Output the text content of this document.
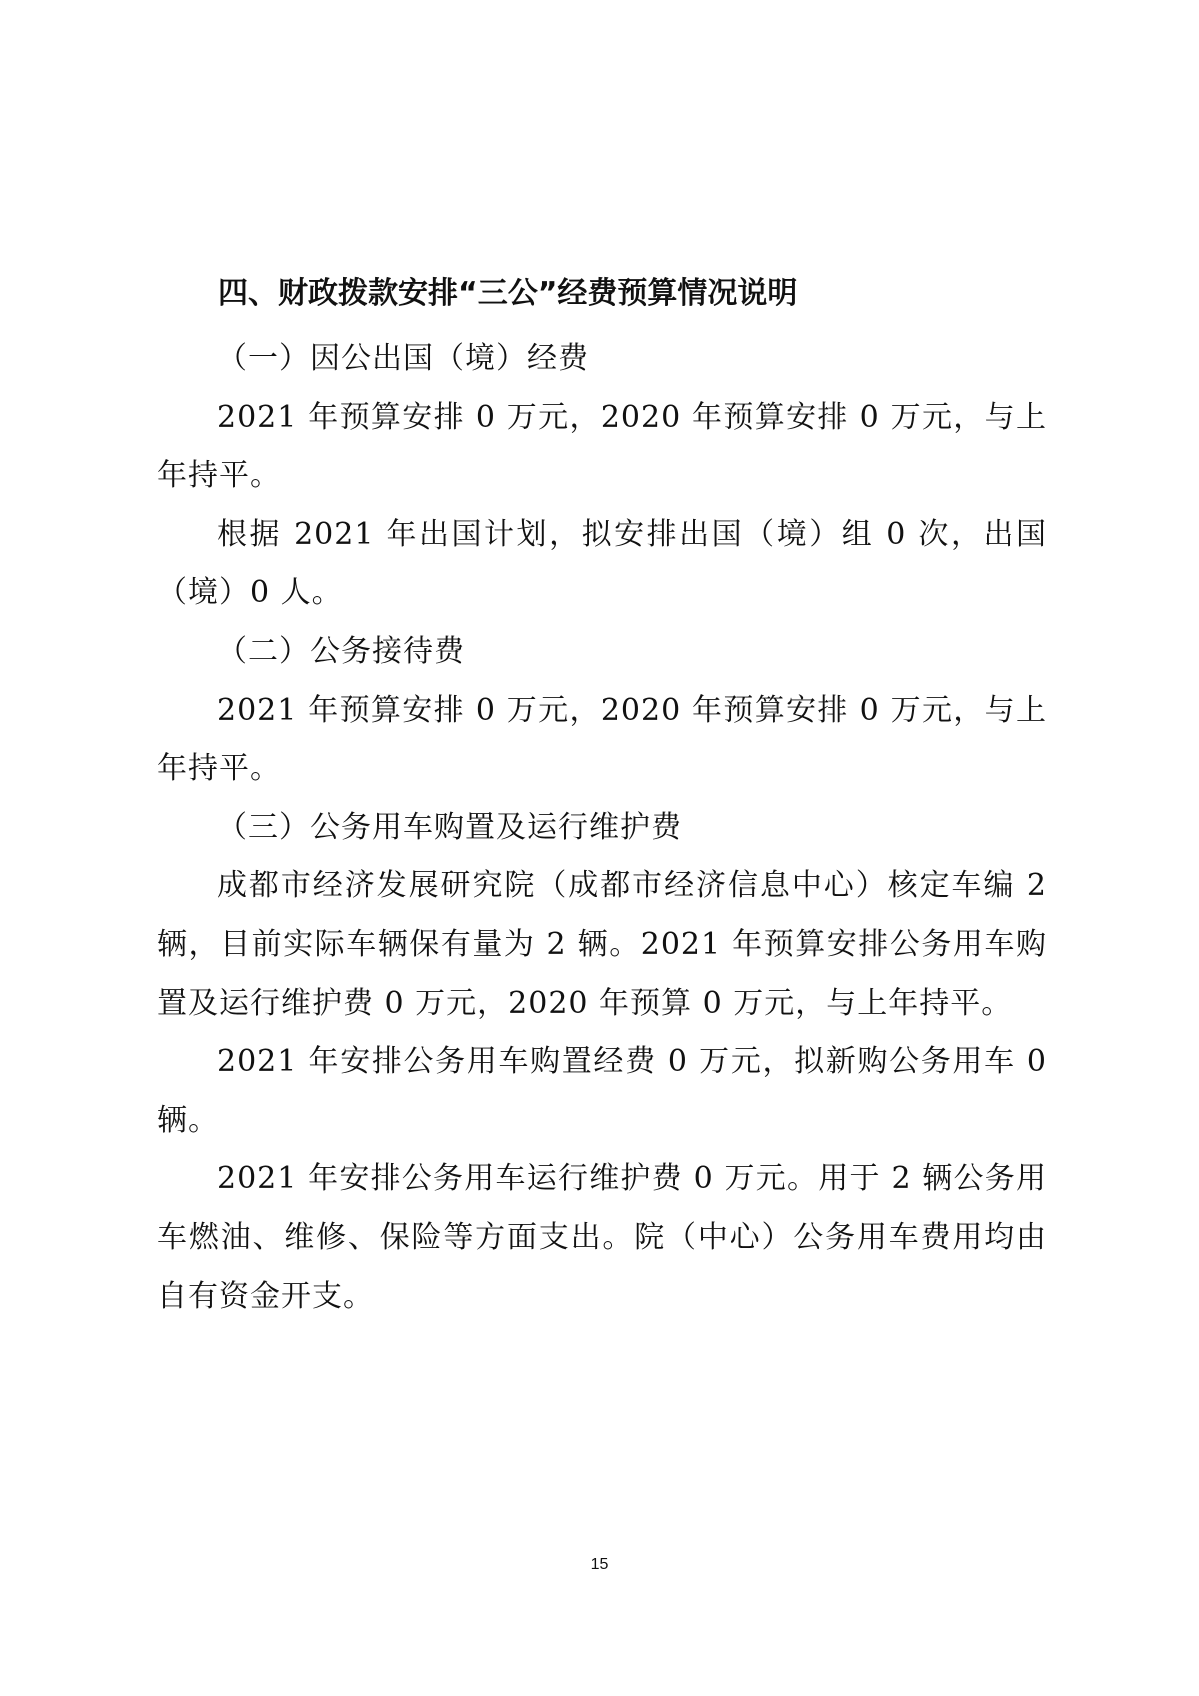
四、财政拨款安排“三公”经费预算情况说明

（一）因公出国（境）经费

2021 年预算安排 0 万元，2020 年预算安排 0 万元，与上年持平。

根据 2021 年出国计划，拟安排出国（境）组 0 次，出国（境）0 人。

（二）公务接待费

2021 年预算安排 0 万元，2020 年预算安排 0 万元，与上年持平。

（三）公务用车购置及运行维护费

成都市经济发展研究院（成都市经济信息中心）核定车编 2 辆，目前实际车辆保有量为 2 辆。2021 年预算安排公务用车购置及运行维护费 0 万元，2020 年预算 0 万元，与上年持平。

2021 年安排公务用车购置经费 0 万元，拟新购公务用车 0 辆。

2021 年安排公务用车运行维护费 0 万元。用于 2 辆公务用车燃油、维修、保险等方面支出。院（中心）公务用车费用均由自有资金开支。

15
